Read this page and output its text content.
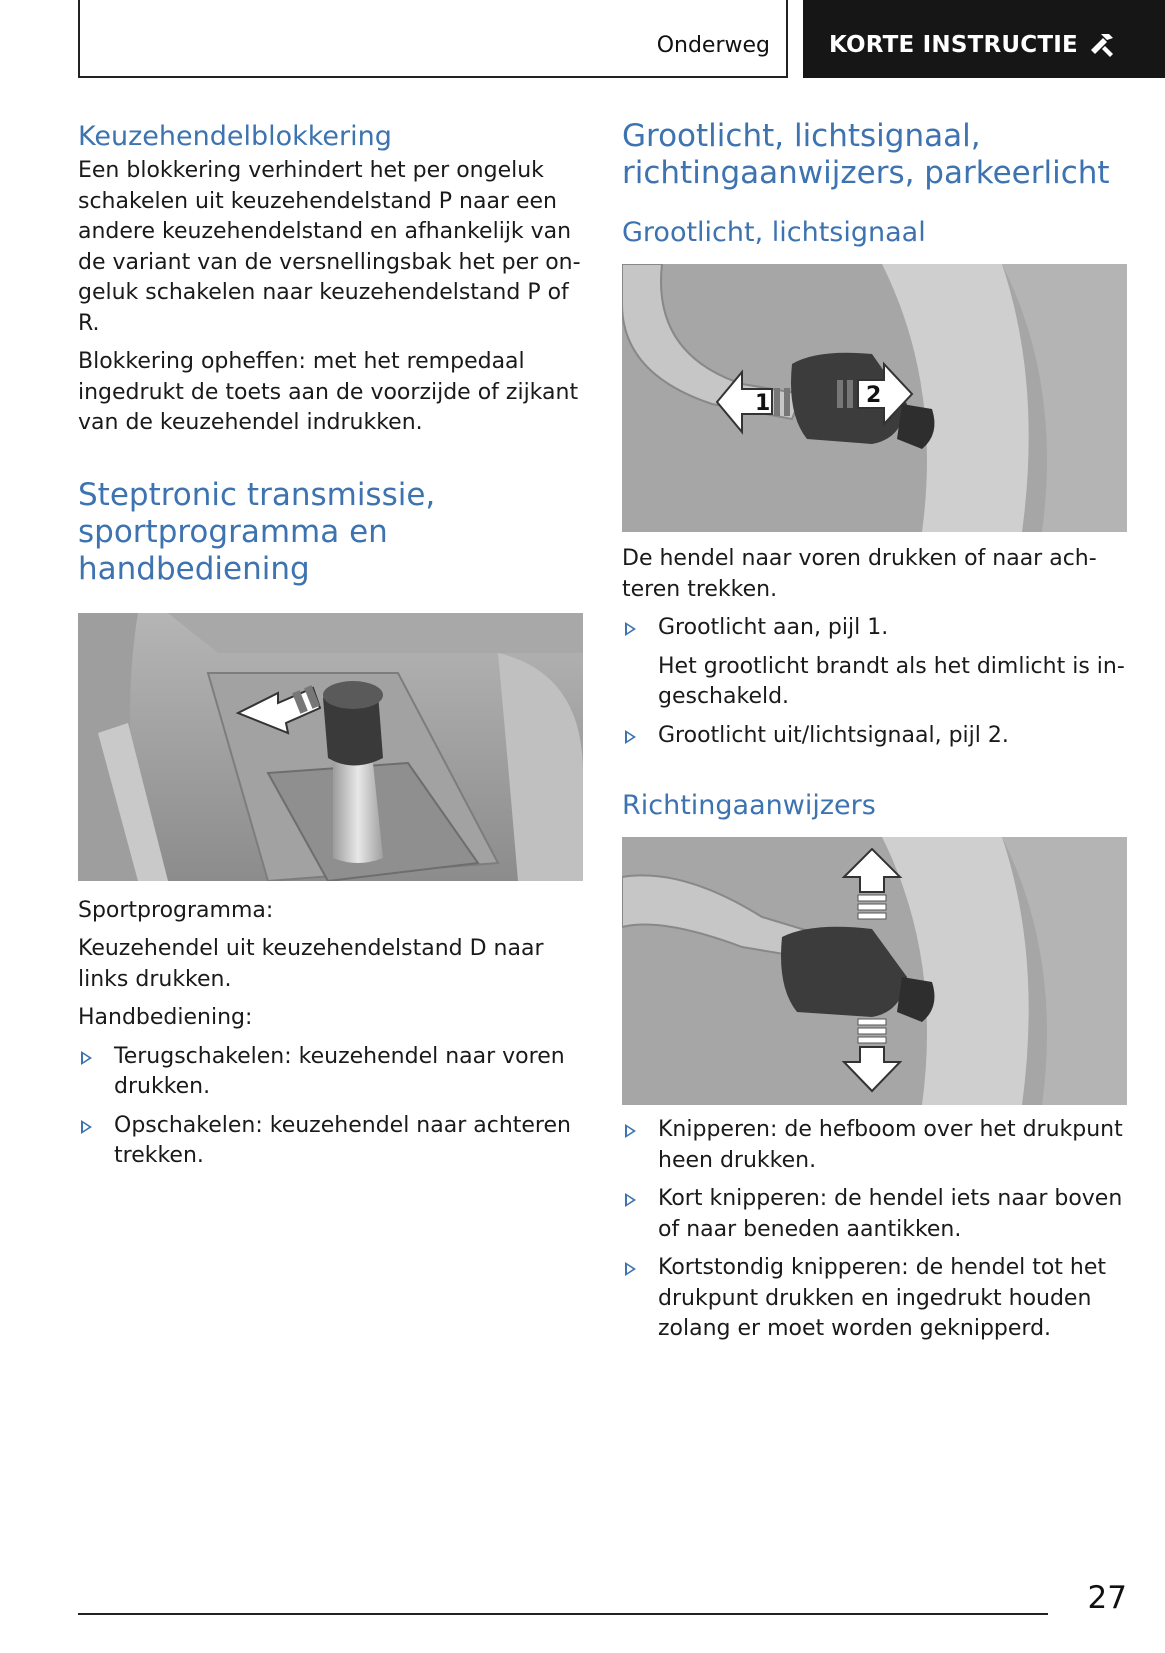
Onderweg	KORTE INSTRUCTIE
Keuzehendelblokkering

Een blokkering verhindert het per ongeluk schakelen uit keuzehendelstand P naar een andere keuzehendelstand en afhankelijk van de variant van de versnellingsbak het per ongeluk schakelen naar keuzehendelstand P of R.

Blokkering opheffen: met het rempedaal ingedrukt de toets aan de voorzijde of zijkant van de keuzehendel indrukken.

Steptronic transmissie, sportprogramma en handbediening

Sportprogramma:

Keuzehendel uit keuzehendelstand D naar links drukken.

Handbediening:

Terugschakelen: keuzehendel naar voren drukken.
Opschakelen: keuzehendel naar achteren trekken.
Grootlicht, lichtsignaal, richtingaanwijzers, parkeerlicht
Grootlicht, lichtsignaal
1	2

De hendel naar voren drukken of naar achteren trekken.

Grootlicht aan, pijl 1.

Het grootlicht brandt als het dimlicht is ingeschakeld.

Grootlicht uit/lichtsignaal, pijl 2.
Richtingaanwijzers
Knipperen: de hefboom over het drukpunt heen drukken.
Kort knipperen: de hendel iets naar boven of naar beneden aantikken.
Kortstondig knipperen: de hendel tot het drukpunt drukken en ingedrukt houden zolang er moet worden geknipperd.
27
